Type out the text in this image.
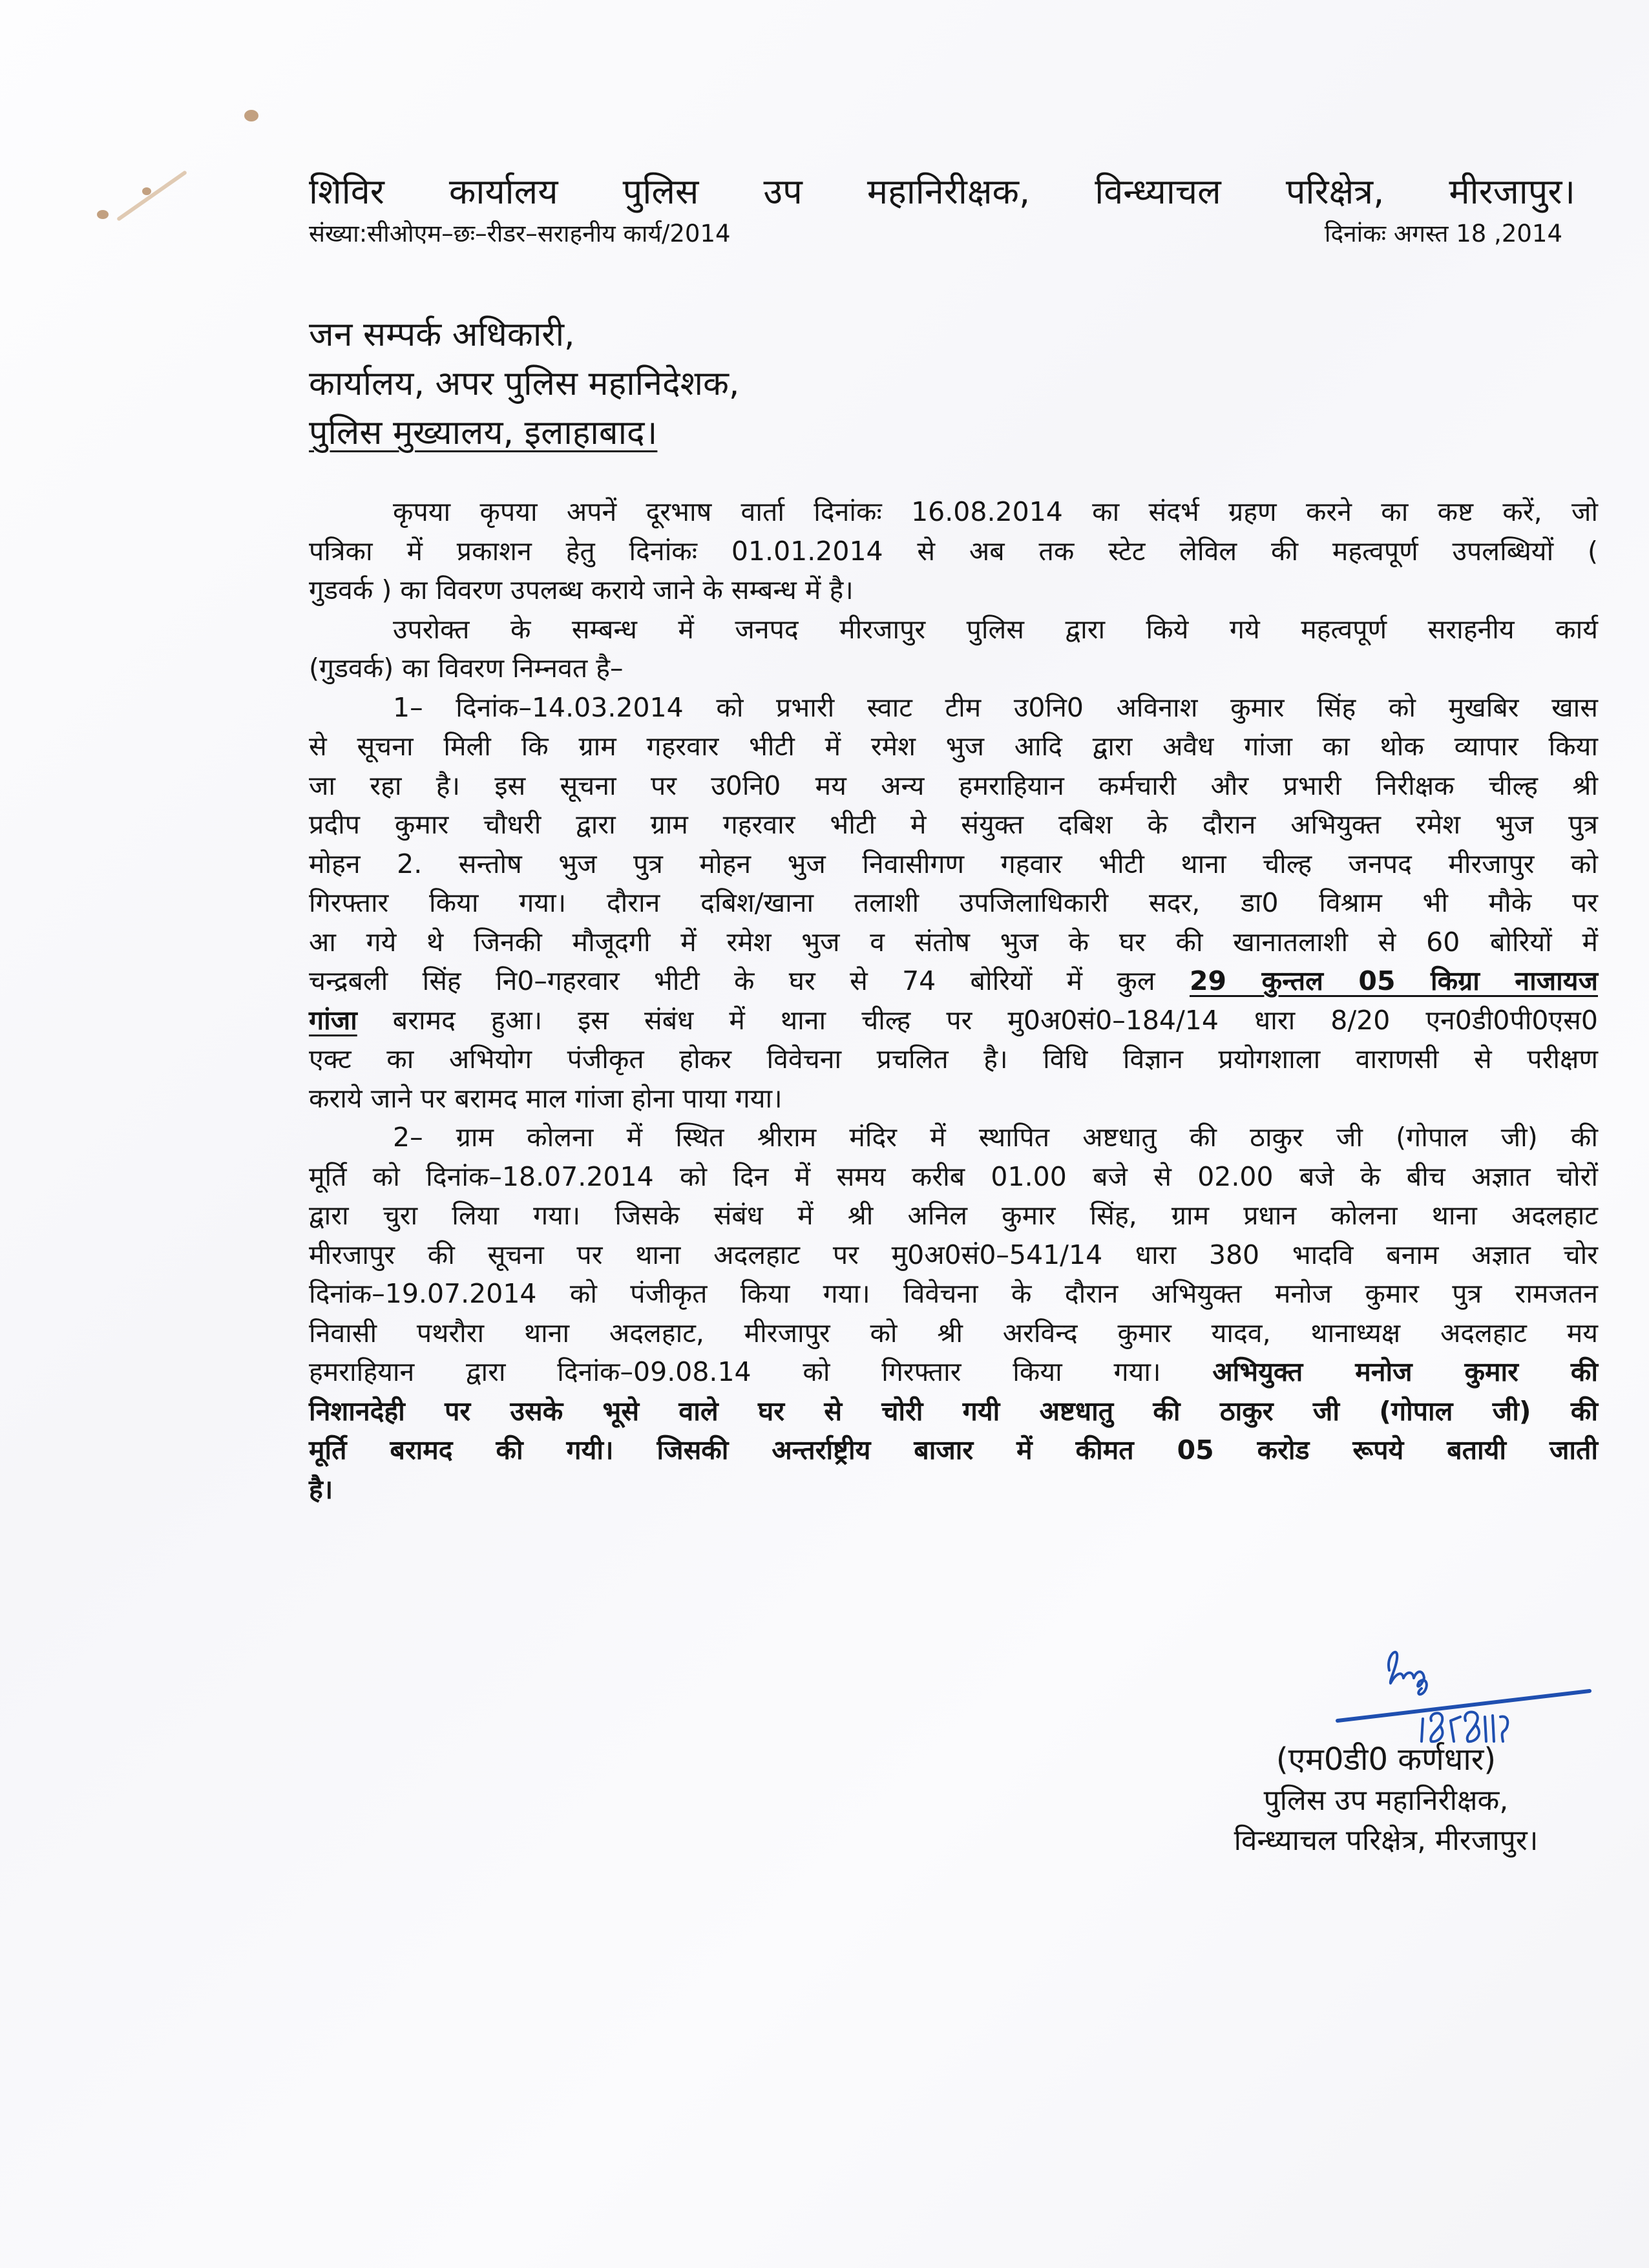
शिविर कार्यालय पुलिस उप महानिरीक्षक, विन्ध्याचल परिक्षेत्र, मीरजापुर।
संख्या:सीओएम–छः–रीडर–सराहनीय कार्य/2014	दिनांकः अगस्त 18 ,2014
जन सम्पर्क अधिकारी,
कार्यालय, अपर पुलिस महानिदेशक,
पुलिस मुख्यालय, इलाहाबाद।
कृपया कृपया अपनें दूरभाष वार्ता दिनांकः 16.08.2014 का संदर्भ ग्रहण करने का कष्ट करें, जो
पत्रिका में प्रकाशन हेतु दिनांकः 01.01.2014 से अब तक स्टेट लेविल की महत्वपूर्ण उपलब्धियों (
गुडवर्क ) का विवरण उपलब्ध कराये जाने के सम्बन्ध में है।
उपरोक्त के सम्बन्ध में जनपद मीरजापुर पुलिस द्वारा किये गये महत्वपूर्ण सराहनीय कार्य
(गुडवर्क) का विवरण निम्नवत है–
1– दिनांक–14.03.2014 को प्रभारी स्वाट टीम उ0नि0 अविनाश कुमार सिंह को मुखबिर खास
से सूचना मिली कि ग्राम गहरवार भीटी में रमेश भुज आदि द्वारा अवैध गांजा का थोक व्यापार किया
जा रहा है। इस सूचना पर उ0नि0 मय अन्य हमराहियान कर्मचारी और प्रभारी निरीक्षक चील्ह श्री
प्रदीप कुमार चौधरी द्वारा ग्राम गहरवार भीटी मे संयुक्त दबिश के दौरान अभियुक्त रमेश भुज पुत्र
मोहन 2. सन्तोष भुज पुत्र मोहन भुज निवासीगण गहवार भीटी थाना चील्ह जनपद मीरजापुर को
गिरफ्तार किया गया। दौरान दबिश/खाना तलाशी उपजिलाधिकारी सदर, डा0 विश्राम भी मौके पर
आ गये थे जिनकी मौजूदगी में रमेश भुज व संतोष भुज के घर की खानातलाशी से 60 बोरियों में
चन्द्रबली सिंह नि0–गहरवार भीटी के घर से 74 बोरियों में कुल 29 कुन्तल 05 किग्रा नाजायज
गांजा बरामद हुआ। इस संबंध में थाना चील्ह पर मु0अ0सं0–184/14 धारा 8/20 एन0डी0पी0एस0
एक्ट का अभियोग पंजीकृत होकर विवेचना प्रचलित है। विधि विज्ञान प्रयोगशाला वाराणसी से परीक्षण
कराये जाने पर बरामद माल गांजा होना पाया गया।
2– ग्राम कोलना में स्थित श्रीराम मंदिर में स्थापित अष्टधातु की ठाकुर जी (गोपाल जी) की
मूर्ति को दिनांक–18.07.2014 को दिन में समय करीब 01.00 बजे से 02.00 बजे के बीच अज्ञात चोरों
द्वारा चुरा लिया गया। जिसके संबंध में श्री अनिल कुमार सिंह, ग्राम प्रधान कोलना थाना अदलहाट
मीरजापुर की सूचना पर थाना अदलहाट पर मु0अ0सं0–541/14 धारा 380 भादवि बनाम अज्ञात चोर
दिनांक–19.07.2014 को पंजीकृत किया गया। विवेचना के दौरान अभियुक्त मनोज कुमार पुत्र रामजतन
निवासी पथरौरा थाना अदलहाट, मीरजापुर को श्री अरविन्द कुमार यादव, थानाध्यक्ष अदलहाट मय
हमराहियान द्वारा दिनांक–09.08.14 को गिरफ्तार किया गया। अभियुक्त मनोज कुमार की
निशानदेही पर उसके भूसे वाले घर से चोरी गयी अष्टधातु की ठाकुर जी (गोपाल जी) की
मूर्ति बरामद की गयी। जिसकी अन्तर्राष्ट्रीय बाजार में कीमत 05 करोड रूपये बतायी जाती
है।
(एम0डी0 कर्णधार)
पुलिस उप महानिरीक्षक,
विन्ध्याचल परिक्षेत्र, मीरजापुर।
